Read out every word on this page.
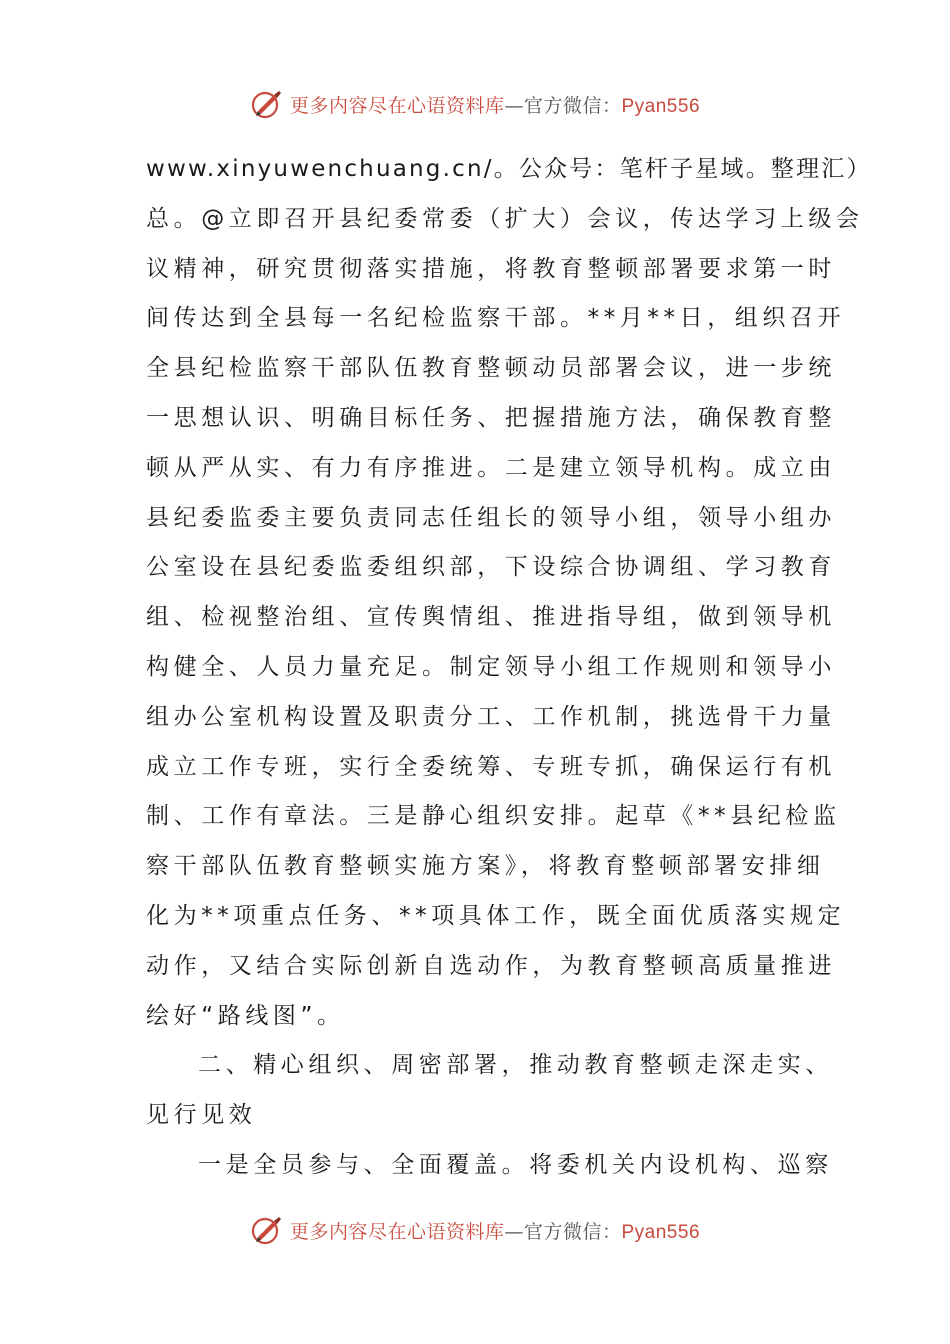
更多内容尽在心语资料库—官方微信：Pyan556
www.xinyuwenchuang.cn/。公众号：笔杆子星域。整理汇）
总。@立即召开县纪委常委（扩大）会议，传达学习上级会
议精神，研究贯彻落实措施，将教育整顿部署要求第一时
间传达到全县每一名纪检监察干部。**月**日，组织召开
全县纪检监察干部队伍教育整顿动员部署会议，进一步统
一思想认识、明确目标任务、把握措施方法，确保教育整
顿从严从实、有力有序推进。二是建立领导机构。成立由
县纪委监委主要负责同志任组长的领导小组，领导小组办
公室设在县纪委监委组织部，下设综合协调组、学习教育
组、检视整治组、宣传舆情组、推进指导组，做到领导机
构健全、人员力量充足。制定领导小组工作规则和领导小
组办公室机构设置及职责分工、工作机制，挑选骨干力量
成立工作专班，实行全委统筹、专班专抓，确保运行有机
制、工作有章法。三是静心组织安排。起草《**县纪检监
察干部队伍教育整顿实施方案》，将教育整顿部署安排细
化为**项重点任务、**项具体工作，既全面优质落实规定
动作，又结合实际创新自选动作，为教育整顿高质量推进
绘好“路线图”。
二、精心组织、周密部署，推动教育整顿走深走实、
见行见效
一是全员参与、全面覆盖。将委机关内设机构、巡察
更多内容尽在心语资料库—官方微信：Pyan556
